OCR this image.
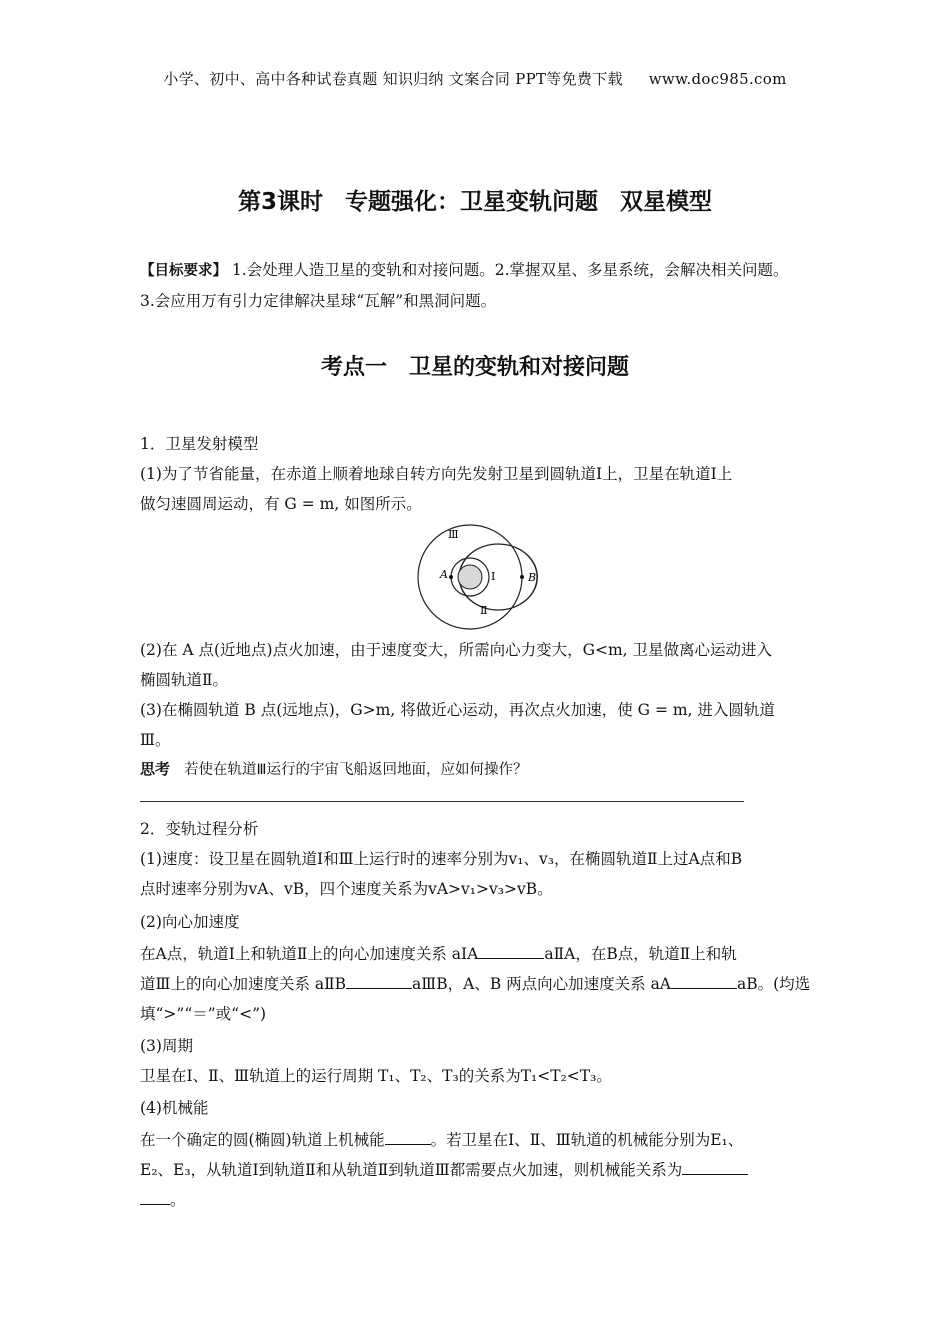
小学、初中、高中各种试卷真题 知识归纳 文案合同 PPT等免费下载 www.doc985.com
第3课时 专题强化：卫星变轨问题 双星模型
【目标要求】 1.会处理人造卫星的变轨和对接问题。2.掌握双星、多星系统，会解决相关问题。
3.会应用万有引力定律解决星球“瓦解”和黑洞问题。
考点一 卫星的变轨和对接问题
1．卫星发射模型
(1)为了节省能量，在赤道上顺着地球自转方向先发射卫星到圆轨道Ⅰ上，卫星在轨道Ⅰ上
做匀速圆周运动，有 G = m, 如图所示。
Ⅲ
Ⅰ
Ⅱ
A	B
(2)在 A 点(近地点)点火加速，由于速度变大，所需向心力变大，G<m, 卫星做离心运动进入
椭圆轨道Ⅱ。
(3)在椭圆轨道 B 点(远地点)，G>m, 将做近心运动，再次点火加速，使 G = m, 进入圆轨道
Ⅲ。
思考 若使在轨道Ⅲ运行的宇宙飞船返回地面，应如何操作？
2．变轨过程分析
(1)速度：设卫星在圆轨道Ⅰ和Ⅲ上运行时的速率分别为v₁、v₃，在椭圆轨道Ⅱ上过A点和B
点时速率分别为vA、vB，四个速度关系为vA>v₁>v₃>vB。
(2)向心加速度
在A点，轨道Ⅰ上和轨道Ⅱ上的向心加速度关系 aⅠA	aⅡA，在B点，轨道Ⅱ上和轨
道Ⅲ上的向心加速度关系 aⅡB	aⅢB，A、B 两点向心加速度关系 aA	aB。(均选
填“>”“＝”或“<”)
(3)周期
卫星在Ⅰ、Ⅱ、Ⅲ轨道上的运行周期 T₁、T₂、T₃的关系为T₁<T₂<T₃。
(4)机械能
在一个确定的圆(椭圆)轨道上机械能	。若卫星在Ⅰ、Ⅱ、Ⅲ轨道的机械能分别为E₁、
E₂、E₃，从轨道Ⅰ到轨道Ⅱ和从轨道Ⅱ到轨道Ⅲ都需要点火加速，则机械能关系为
。
